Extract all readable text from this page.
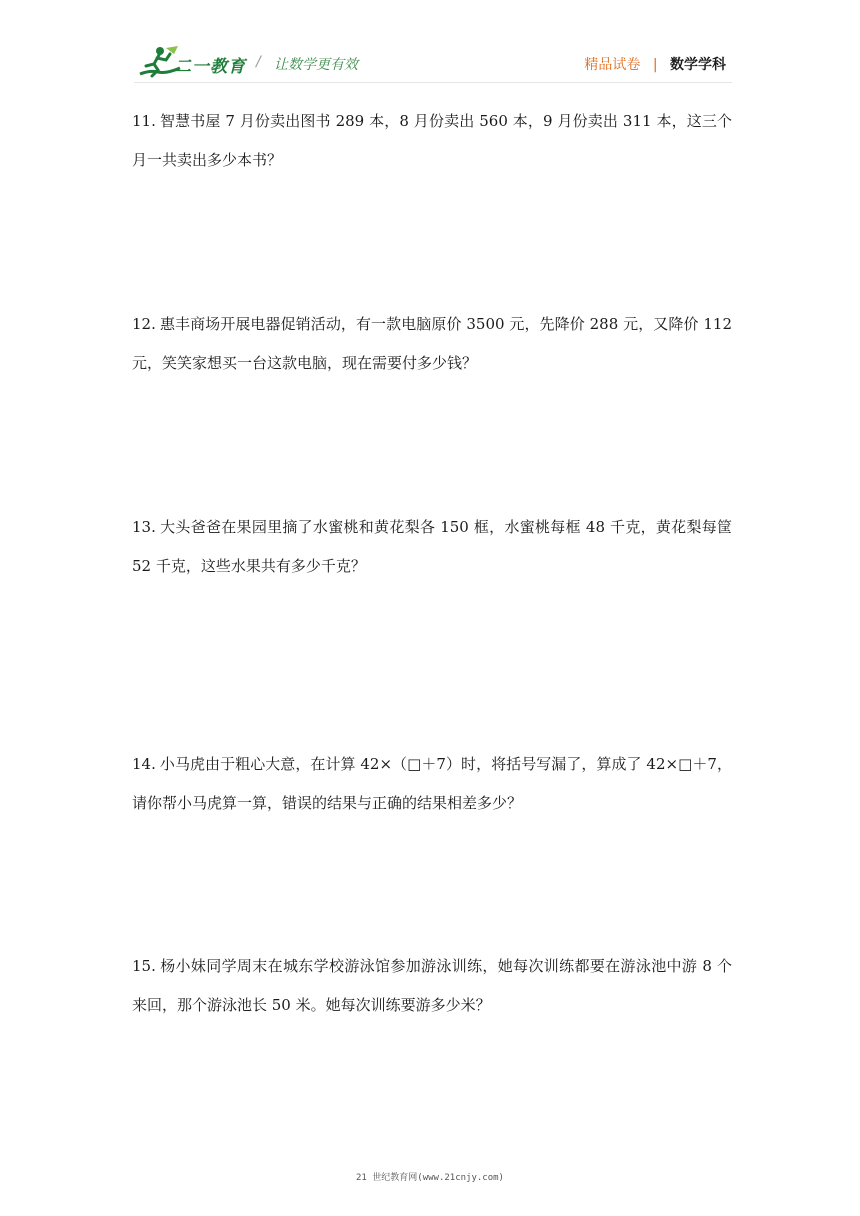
二一教育 / 让数学更有效	精品试卷 | 数学学科
11. 智慧书屋 7 月份卖出图书 289 本，8 月份卖出 560 本，9 月份卖出 311 本，这三个月一共卖出多少本书？
12. 惠丰商场开展电器促销活动，有一款电脑原价 3500 元，先降价 288 元，又降价 112 元，笑笑家想买一台这款电脑，现在需要付多少钱？
13. 大头爸爸在果园里摘了水蜜桃和黄花梨各 150 框，水蜜桃每框 48 千克，黄花梨每筐 52 千克，这些水果共有多少千克？
14. 小马虎由于粗心大意，在计算 42×（□＋7）时，将括号写漏了，算成了 42×□＋7，请你帮小马虎算一算，错误的结果与正确的结果相差多少？
15. 杨小妹同学周末在城东学校游泳馆参加游泳训练，她每次训练都要在游泳池中游 8 个来回，那个游泳池长 50 米。她每次训练要游多少米？
21 世纪教育网(www.21cnjy.com)
